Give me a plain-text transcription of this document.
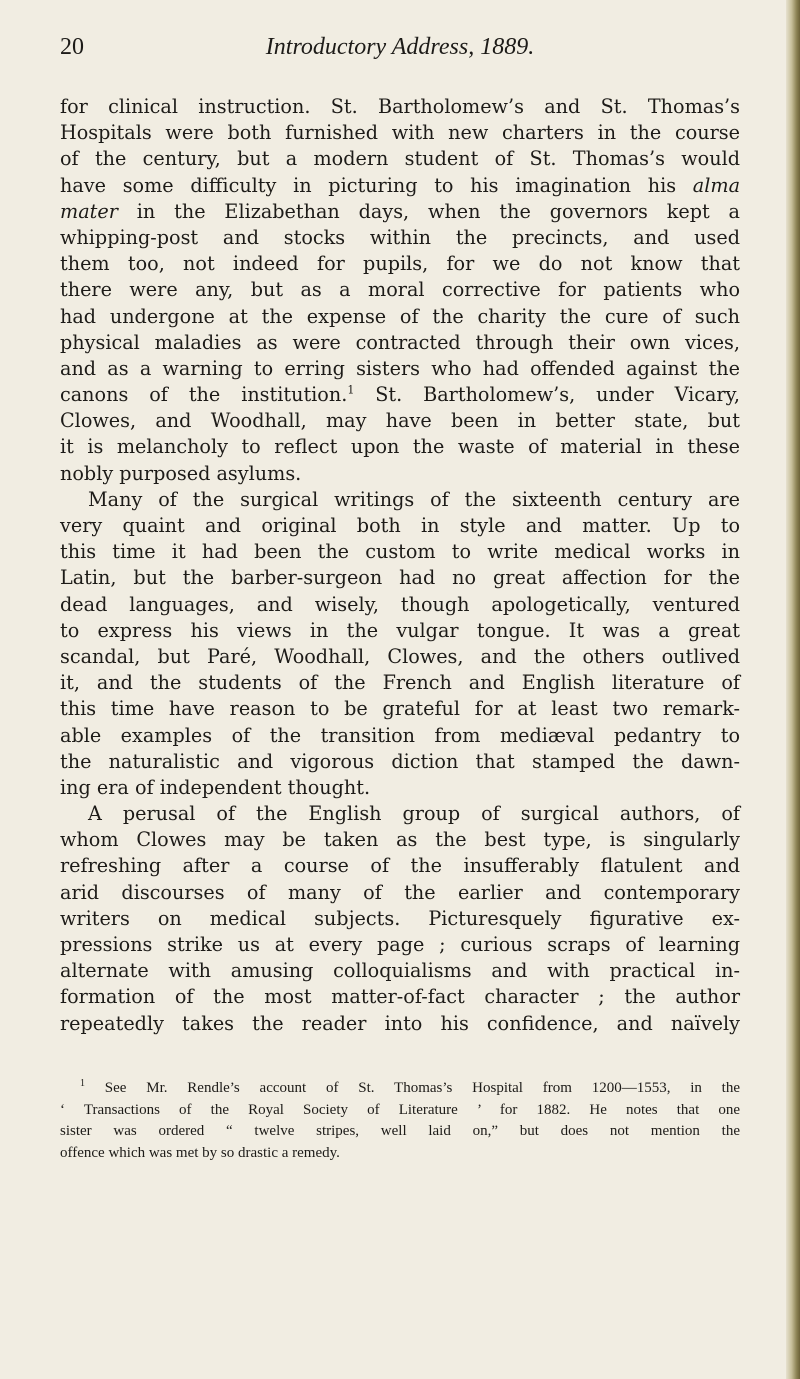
20	Introductory Address, 1889.
for clinical instruction. St. Bartholomew’s and St. Thomas’s
Hospitals were both furnished with new charters in the course
of the century, but a modern student of St. Thomas’s would
have some difficulty in picturing to his imagination his alma
mater in the Elizabethan days, when the governors kept a
whipping-post and stocks within the precincts, and used
them too, not indeed for pupils, for we do not know that
there were any, but as a moral corrective for patients who
had undergone at the expense of the charity the cure of such
physical maladies as were contracted through their own vices,
and as a warning to erring sisters who had offended against the
canons of the institution.$^1$ St. Bartholomew’s, under Vicary,
Clowes, and Woodhall, may have been in better state, but
it is melancholy to reflect upon the waste of material in these
nobly purposed asylums.
Many of the surgical writings of the sixteenth century are
very quaint and original both in style and matter. Up to
this time it had been the custom to write medical works in
Latin, but the barber-surgeon had no great affection for the
dead languages, and wisely, though apologetically, ventured
to express his views in the vulgar tongue. It was a great
scandal, but Paré, Woodhall, Clowes, and the others outlived
it, and the students of the French and English literature of
this time have reason to be grateful for at least two remark-
able examples of the transition from mediæval pedantry to
the naturalistic and vigorous diction that stamped the dawn-
ing era of independent thought.
A perusal of the English group of surgical authors, of
whom Clowes may be taken as the best type, is singularly
refreshing after a course of the insufferably flatulent and
arid discourses of many of the earlier and contemporary
writers on medical subjects. Picturesquely figurative ex-
pressions strike us at every page ; curious scraps of learning
alternate with amusing colloquialisms and with practical in-
formation of the most matter-of-fact character ; the author
repeatedly takes the reader into his confidence, and naïvely
$^1$ See Mr. Rendle’s account of St. Thomas’s Hospital from 1200—1553, in the
‘ Transactions of the Royal Society of Literature ’ for 1882. He notes that one
sister was ordered “ twelve stripes, well laid on,” but does not mention the
offence which was met by so drastic a remedy.
